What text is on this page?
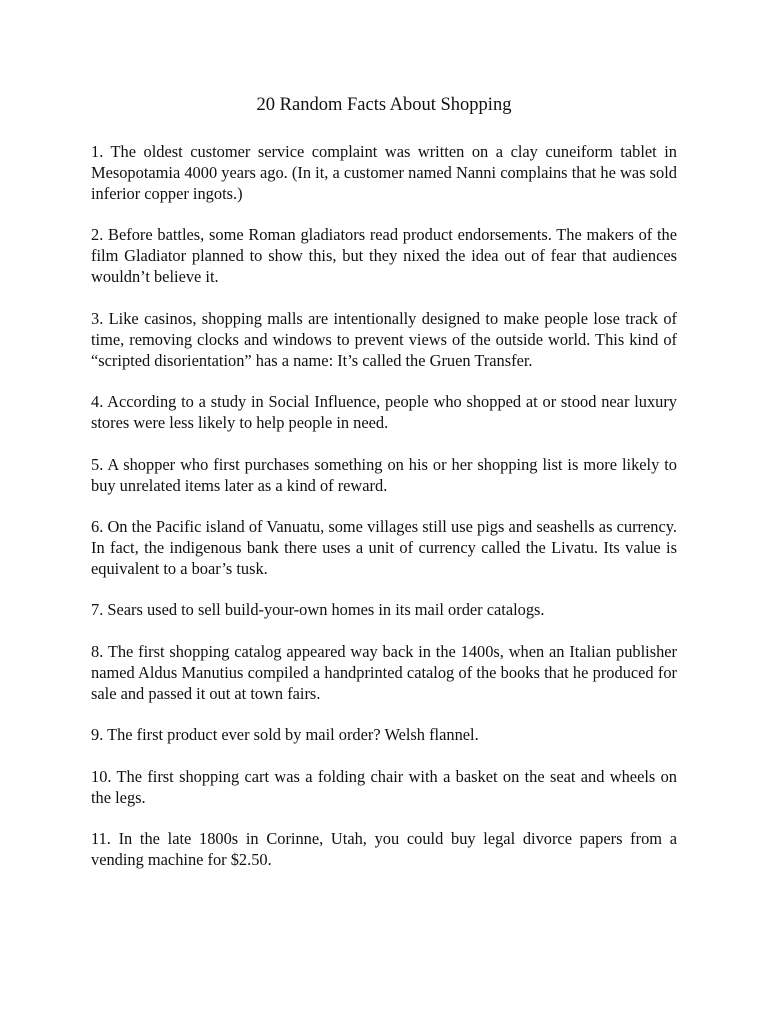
20 Random Facts About Shopping

1. The oldest customer service complaint was written on a clay cuneiform tablet in Mesopotamia 4000 years ago. (In it, a customer named Nanni complains that he was sold inferior copper ingots.)

2. Before battles, some Roman gladiators read product endorsements. The makers of the film Gladiator planned to show this, but they nixed the idea out of fear that audiences wouldn’t believe it.

3. Like casinos, shopping malls are intentionally designed to make people lose track of time, removing clocks and windows to prevent views of the outside world. This kind of “scripted disorientation” has a name: It’s called the Gruen Transfer.

4. According to a study in Social Influence, people who shopped at or stood near luxury stores were less likely to help people in need.

5. A shopper who first purchases something on his or her shopping list is more likely to buy unrelated items later as a kind of reward.

6. On the Pacific island of Vanuatu, some villages still use pigs and seashells as currency. In fact, the indigenous bank there uses a unit of currency called the Livatu. Its value is equivalent to a boar’s tusk.

7. Sears used to sell build-your-own homes in its mail order catalogs.

8. The first shopping catalog appeared way back in the 1400s, when an Italian publisher named Aldus Manutius compiled a handprinted catalog of the books that he produced for sale and passed it out at town fairs.

9. The first product ever sold by mail order? Welsh flannel.

10. The first shopping cart was a folding chair with a basket on the seat and wheels on the legs.

11. In the late 1800s in Corinne, Utah, you could buy legal divorce papers from a vending machine for $2.50.
